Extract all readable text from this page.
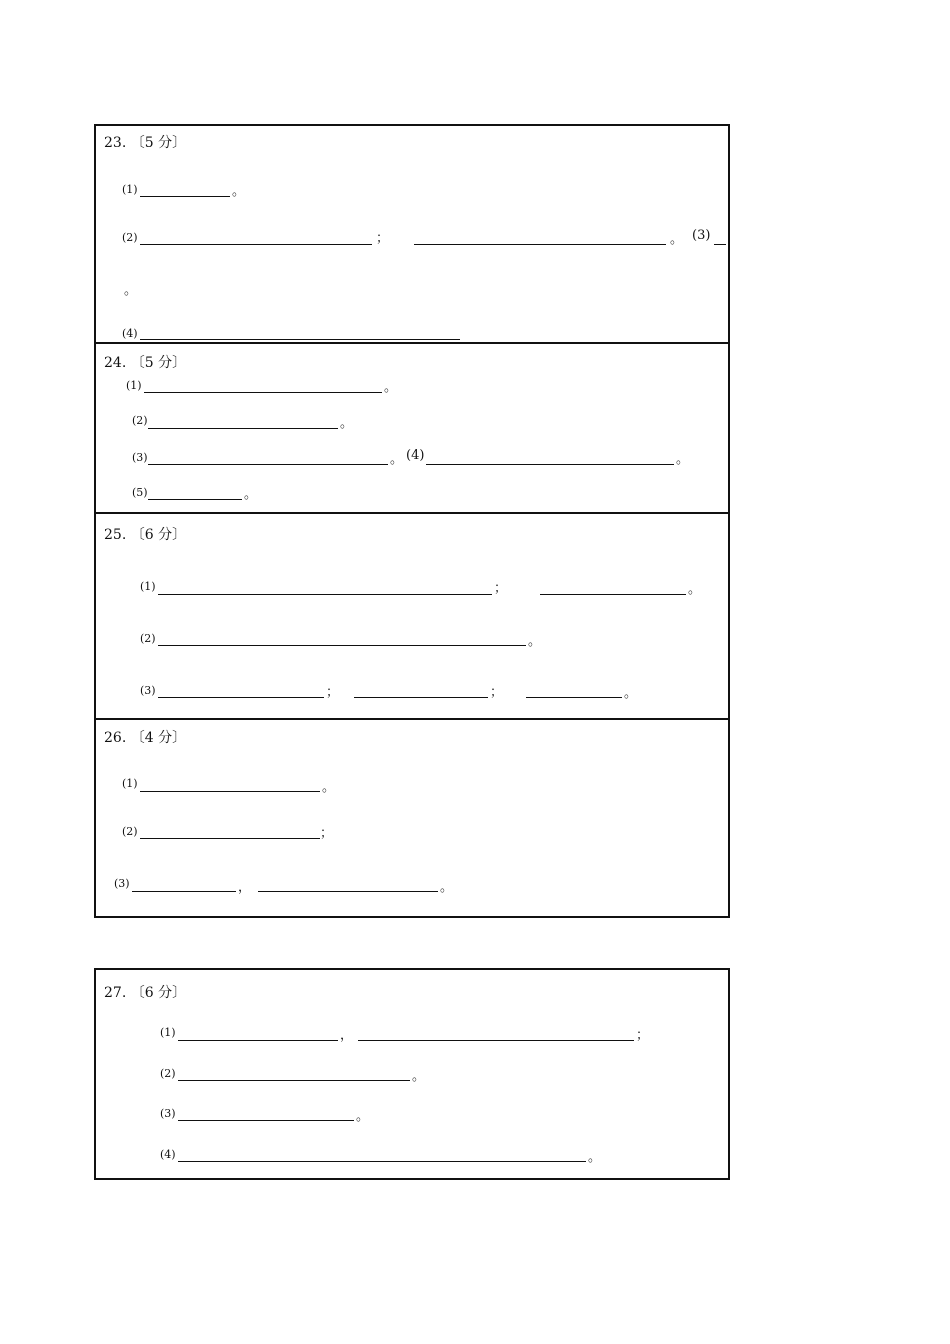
23. 〔5 分〕
(1)	。
(2)	；	。 (3)
。
(4)
24. 〔5 分〕
(1)	。
(2)	。
(3)	。 (4)	。
(5)	。
25. 〔6 分〕
(1)	；	。
(2)	。
(3)	；	；	。
26. 〔4 分〕
(1)	。
(2)	；
(3)	，	。
27. 〔6 分〕
(1)	，	；
(2)	。
(3)	。
(4)	。
